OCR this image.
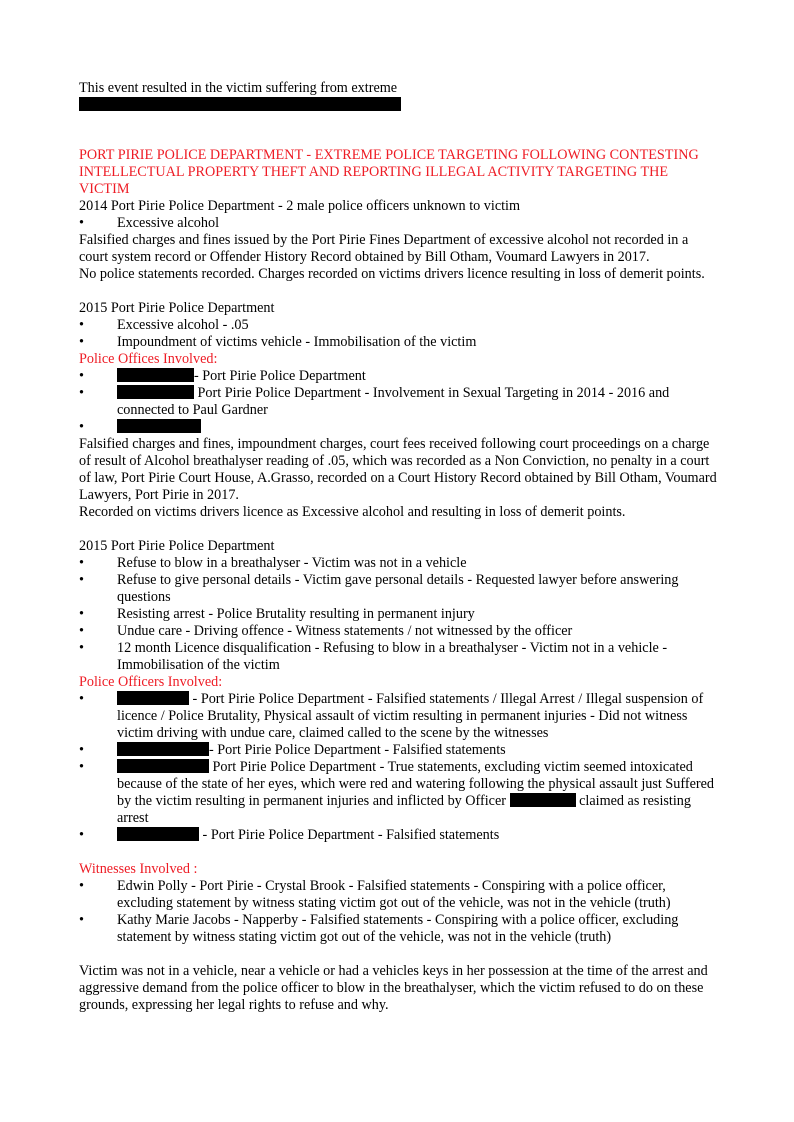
This event resulted in the victim suffering from extreme

PORT PIRIE POLICE DEPARTMENT - EXTREME POLICE TARGETING FOLLOWING CONTESTING INTELLECTUAL PROPERTY THEFT AND REPORTING ILLEGAL ACTIVITY TARGETING THE VICTIM

2014 Port Pirie Police Department - 2 male police officers unknown to victim

• Excessive alcohol

Falsified charges and fines issued by the Port Pirie Fines Department of excessive alcohol not recorded in a court system record or Offender History Record obtained by Bill Otham, Voumard Lawyers in 2017.

No police statements recorded. Charges recorded on victims drivers licence resulting in loss of demerit points.

2015 Port Pirie Police Department

• Excessive alcohol - .05
• Impoundment of victims vehicle - Immobilisation of the victim

Police Offices Involved:

•	- Port Pirie Police Department
•	Port Pirie Police Department - Involvement in Sexual Targeting in 2014 - 2016 and connected to Paul Gardner
•

Falsified charges and fines, impoundment charges, court fees received following court proceedings on a charge of result of Alcohol breathalyser reading of .05, which was recorded as a Non Conviction, no penalty in a court of law, Port Pirie Court House, A.Grasso, recorded on a Court History Record obtained by Bill Otham, Voumard Lawyers, Port Pirie in 2017.

Recorded on victims drivers licence as Excessive alcohol and resulting in loss of demerit points.

2015 Port Pirie Police Department

• Refuse to blow in a breathalyser - Victim was not in a vehicle
• Refuse to give personal details - Victim gave personal details - Requested lawyer before answering questions
• Resisting arrest - Police Brutality resulting in permanent injury
• Undue care - Driving offence - Witness statements / not witnessed by the officer
• 12 month Licence disqualification - Refusing to blow in a breathalyser - Victim not in a vehicle - Immobilisation of the victim

Police Officers Involved:

•	- Port Pirie Police Department - Falsified statements / Illegal Arrest / Illegal suspension of licence / Police Brutality, Physical assault of victim resulting in permanent injuries - Did not witness victim driving with undue care, claimed called to the scene by the witnesses
•	- Port Pirie Police Department - Falsified statements
•	Port Pirie Police Department - True statements, excluding victim seemed intoxicated because of the state of her eyes, which were red and watering following the physical assault just Suffered by the victim resulting in permanent injuries and inflicted by Officer	claimed as resisting arrest
•	- Port Pirie Police Department - Falsified statements

Witnesses Involved :

• Edwin Polly - Port Pirie - Crystal Brook - Falsified statements - Conspiring with a police officer, excluding statement by witness stating victim got out of the vehicle, was not in the vehicle (truth)
• Kathy Marie Jacobs - Napperby - Falsified statements - Conspiring with a police officer, excluding statement by witness stating victim got out of the vehicle, was not in the vehicle (truth)

Victim was not in a vehicle, near a vehicle or had a vehicles keys in her possession at the time of the arrest and aggressive demand from the police officer to blow in the breathalyser, which the victim refused to do on these grounds, expressing her legal rights to refuse and why.
